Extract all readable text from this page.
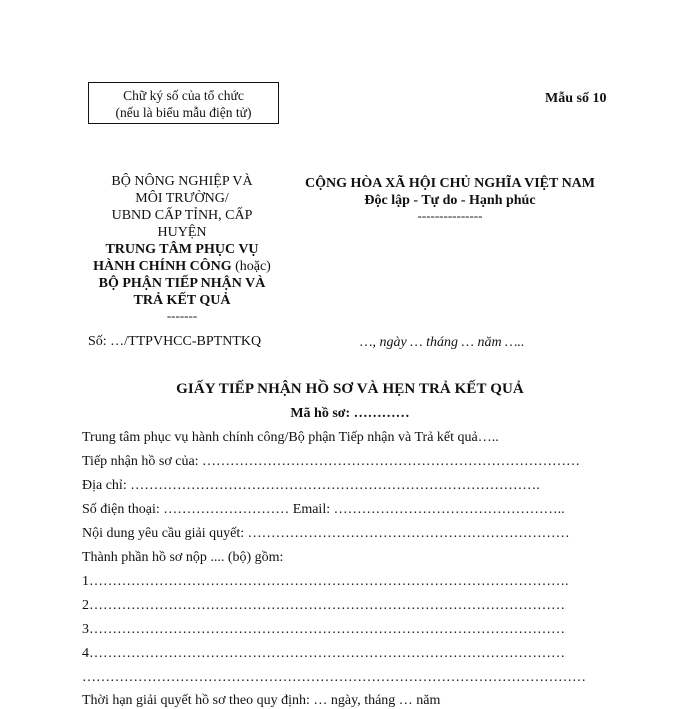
Chữ ký số của tổ chức
(nếu là biểu mẫu điện tử)
Mẫu số 10
BỘ NÔNG NGHIỆP VÀ
MÔI TRƯỜNG/
UBND CẤP TỈNH, CẤP
HUYỆN
TRUNG TÂM PHỤC VỤ
HÀNH CHÍNH CÔNG (hoặc)
BỘ PHẬN TIẾP NHẬN VÀ
TRẢ KẾT QUẢ
-------
CỘNG HÒA XÃ HỘI CHỦ NGHĨA VIỆT NAM
Độc lập - Tự do - Hạnh phúc
---------------
Số: …/TTPVHCC-BPTNTKQ	…, ngày … tháng … năm …..
GIẤY TIẾP NHẬN HỒ SƠ VÀ HẸN TRẢ KẾT QUẢ
Mã hồ sơ: …………
Trung tâm phục vụ hành chính công/Bộ phận Tiếp nhận và Trả kết quả…..
Tiếp nhận hồ sơ của: ………………………………………………………………………
Địa chỉ: …………………………………………………………………………….
Số điện thoại: ……………………… Email: …………………………………………..
Nội dung yêu cầu giải quyết: ……………………………………………………………
Thành phần hồ sơ nộp .... (bộ) gồm:
1………………………………………………………………………………………….
2…………………………………………………………………………………………
3…………………………………………………………………………………………
4…………………………………………………………………………………………
………………………………………………………………………………………………
Thời hạn giải quyết hồ sơ theo quy định: … ngày, tháng … năm
